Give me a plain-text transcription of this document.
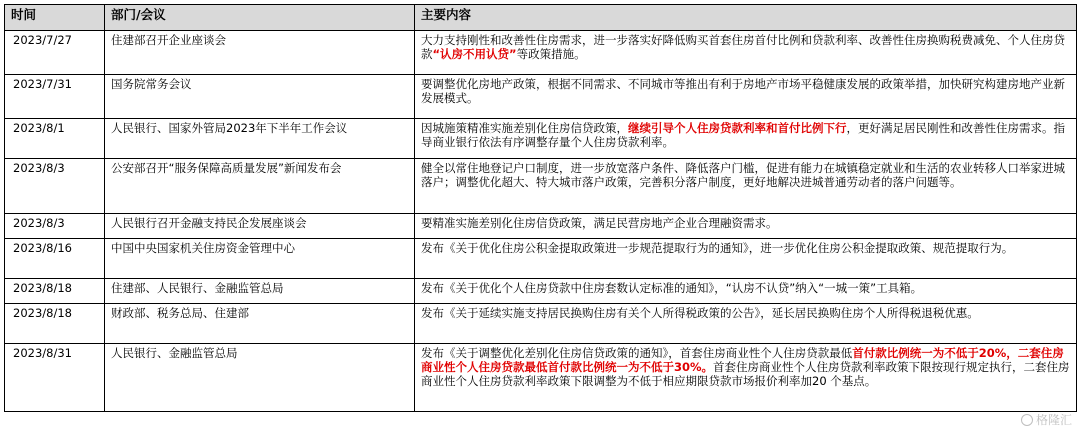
时间	部门/会议	主要内容
2023/7/27	住建部召开企业座谈会	大力支持刚性和改善性住房需求，进一步落实好降低购买首套住房首付比例和贷款利率、改善性住房换购税费减免、个人住房贷款“认房不用认贷”等政策措施。
2023/7/31	国务院常务会议	要调整优化房地产政策，根据不同需求、不同城市等推出有利于房地产市场平稳健康发展的政策举措，加快研究构建房地产业新发展模式。
2023/8/1	人民银行、国家外管局2023年下半年工作会议	因城施策精准实施差别化住房信贷政策，继续引导个人住房贷款利率和首付比例下行，更好满足居民刚性和改善性住房需求。指导商业银行依法有序调整存量个人住房贷款利率。
2023/8/3	公安部召开“服务保障高质量发展”新闻发布会	健全以常住地登记户口制度，进一步放宽落户条件、降低落户门槛，促进有能力在城镇稳定就业和生活的农业转移人口举家进城落户；调整优化超大、特大城市落户政策，完善积分落户制度，更好地解决进城普通劳动者的落户问题等。
2023/8/3	人民银行召开金融支持民企发展座谈会	要精准实施差别化住房信贷政策，满足民营房地产企业合理融资需求。
2023/8/16	中国中央国家机关住房资金管理中心	发布《关于优化住房公积金提取政策进一步规范提取行为的通知》，进一步优化住房公积金提取政策、规范提取行为。
2023/8/18	住建部、人民银行、金融监管总局	发布《关于优化个人住房贷款中住房套数认定标准的通知》，“认房不认贷”纳入“一城一策”工具箱。
2023/8/18	财政部、税务总局、住建部	发布《关于延续实施支持居民换购住房有关个人所得税政策的公告》，延长居民换购住房个人所得税退税优惠。
2023/8/31	人民银行、金融监管总局	发布《关于调整优化差别化住房信贷政策的通知》，首套住房商业性个人住房贷款最低首付款比例统一为不低于20%，二套住房商业性个人住房贷款最低首付款比例统一为不低于30%。首套住房商业性个人住房贷款利率政策下限按现行规定执行，二套住房商业性个人住房贷款利率政策下限调整为不低于相应期限贷款市场报价利率加20 个基点。
格隆汇
